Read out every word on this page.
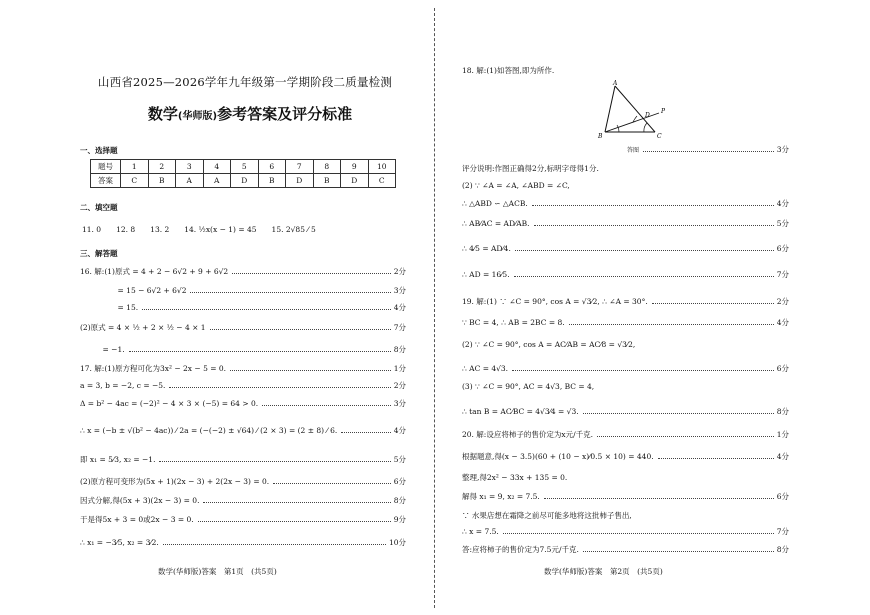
山西省2025—2026学年九年级第一学期阶段二质量检测
数学(华师版)参考答案及评分标准
一、选择题
题号	1	2	3	4	5	6	7	8	9	10
答案	C	B	A	A	D	B	D	B	D	C
二、填空题
11. 0　　12. 8　　13. 2　　14. ½x(x − 1) = 45　　15. 2√85 ⁄ 5
三、解答题
16. 解:(1)原式 = 4 + 2 − 6√2 + 9 + 6√2	2分
　　　　　= 15 − 6√2 + 6√2	3分
　　　　　= 15.	4分
(2)原式 = 4 × ½ + 2 × ½ − 4 × 1	7分
　　　= −1.	8分
17. 解:(1)原方程可化为3x² − 2x − 5 = 0.	1分
a = 3, b = −2, c = −5.	2分
Δ = b² − 4ac = (−2)² − 4 × 3 × (−5) = 64 > 0.	3分
∴ x = (−b ± √(b² − 4ac)) ⁄ 2a = (−(−2) ± √64) ⁄ (2 × 3) = (2 ± 8) ⁄ 6.	4分
即 x₁ = 5⁄3, x₂ = −1.	5分
(2)原方程可变形为(5x + 1)(2x − 3) + 2(2x − 3) = 0.	6分
因式分解,得(5x + 3)(2x − 3) = 0.	8分
于是得5x + 3 = 0或2x − 3 = 0.	9分
∴ x₁ = −3⁄5, x₂ = 3⁄2.	10分
数学(华师版)答案　第1页　(共5页)
18. 解:(1)如答图,即为所作.
A
B	C
D
P
答图	3分
评分说明:作图正确得2分,标明字母得1分.
(2) ∵ ∠A = ∠A, ∠ABD = ∠C,
∴ △ABD ∽ △ACB.	4分
∴ AB⁄AC = AD⁄AB.	5分
∴ 4⁄5 = AD⁄4.	6分
∴ AD = 16⁄5.	7分
19. 解:(1) ∵ ∠C = 90°, cos A = √3⁄2, ∴ ∠A = 30°.	2分
∵ BC = 4, ∴ AB = 2BC = 8.	4分
(2) ∵ ∠C = 90°, cos A = AC⁄AB = AC⁄8 = √3⁄2,
∴ AC = 4√3.	6分
(3) ∵ ∠C = 90°, AC = 4√3, BC = 4,
∴ tan B = AC⁄BC = 4√3⁄4 = √3.	8分
20. 解:设应将柿子的售价定为x元/千克.	1分
根据题意,得(x − 3.5)(60 + (10 − x)⁄0.5 × 10) = 440.	4分
整理,得2x² − 33x + 135 = 0.
解得 x₁ = 9, x₂ = 7.5.	6分
∵ 水果店想在霜降之前尽可能多地将这批柿子售出,
∴ x = 7.5.	7分
答:应将柿子的售价定为7.5元/千克.	8分
数学(华师版)答案　第2页　(共5页)
